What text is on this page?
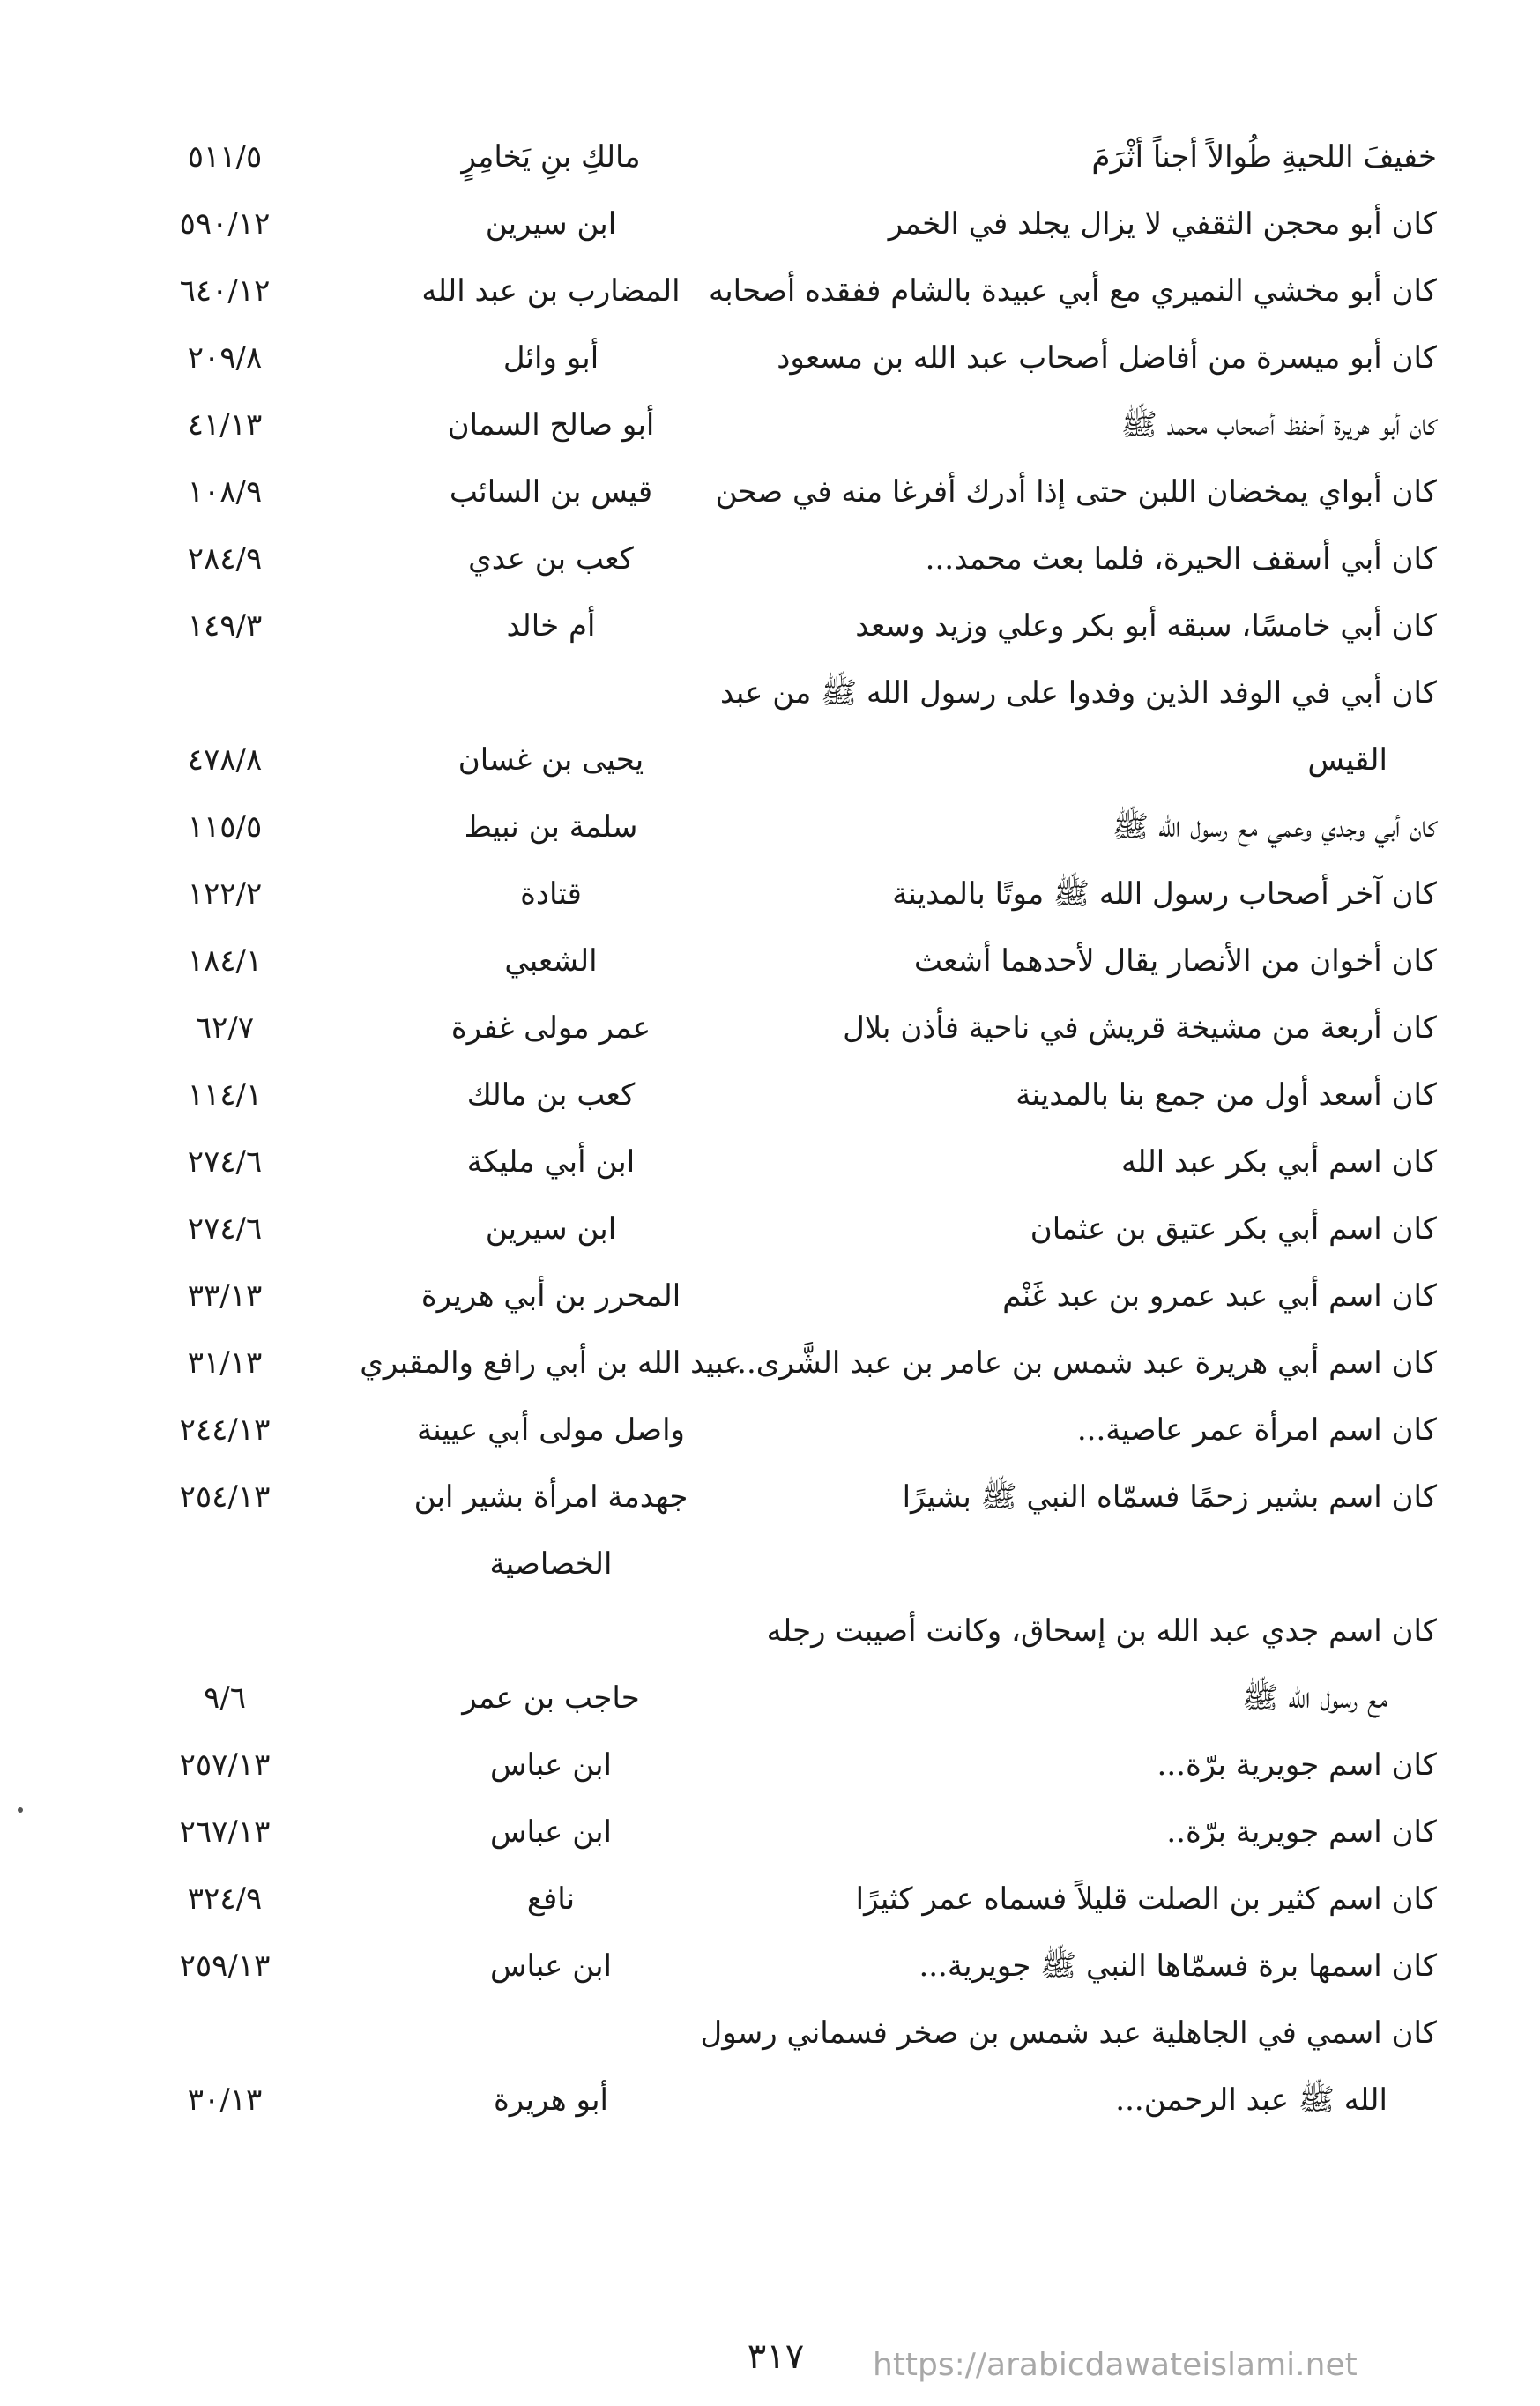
خفيفَ اللحيةِ طُوالاً أجناً أثْرَمَ
مالكِ بنِ يَخامِرٍ
٥١١/٥
كان أبو محجن الثقفي لا يزال يجلد في الخمر
ابن سيرين
٥٩٠/١٢
كان أبو مخشي النميري مع أبي عبيدة بالشام ففقده أصحابه
المضارب بن عبد الله
٦٤٠/١٢
كان أبو ميسرة من أفاضل أصحاب عبد الله بن مسعود
أبو وائل
٢٠٩/٨
كان أبو هريرة أحفظ أصحاب محمد ﷺ
أبو صالح السمان
٤١/١٣
كان أبواي يمخضان اللبن حتى إذا أدرك أفرغا منه في صحن
قيس بن السائب
١٠٨/٩
كان أبي أسقف الحيرة، فلما بعث محمد...
كعب بن عدي
٢٨٤/٩
كان أبي خامسًا، سبقه أبو بكر وعلي وزيد وسعد
أم خالد
١٤٩/٣
كان أبي في الوفد الذين وفدوا على رسول الله ﷺ من عبد
القيس
يحيى بن غسان
٤٧٨/٨
كان أبي وجدي وعمي مع رسول الله ﷺ
سلمة بن نبيط
١١٥/٥
كان آخر أصحاب رسول الله ﷺ موتًا بالمدينة
قتادة
١٢٢/٢
كان أخوان من الأنصار يقال لأحدهما أشعث
الشعبي
١٨٤/١
كان أربعة من مشيخة قريش في ناحية فأذن بلال
عمر مولى غفرة
٦٢/٧
كان أسعد أول من جمع بنا بالمدينة
كعب بن مالك
١١٤/١
كان اسم أبي بكر عبد الله
ابن أبي مليكة
٢٧٤/٦
كان اسم أبي بكر عتيق بن عثمان
ابن سيرين
٢٧٤/٦
كان اسم أبي عبد عمرو بن عبد غَنْم
المحرر بن أبي هريرة
٣٣/١٣
كان اسم أبي هريرة عبد شمس بن عامر بن عبد الشَّرى...
عبيد الله بن أبي رافع والمقبري
٣١/١٣
كان اسم امرأة عمر عاصية...
واصل مولى أبي عيينة
٢٤٤/١٣
كان اسم بشير زحمًا فسمّاه النبي ﷺ بشيرًا
جهدمة امرأة بشير ابن
الخصاصية
٢٥٤/١٣
كان اسم جدي عبد الله بن إسحاق، وكانت أصيبت رجله
مع رسول الله ﷺ
حاجب بن عمر
٩/٦
كان اسم جويرية برّة...
ابن عباس
٢٥٧/١٣
كان اسم جويرية برّة..
ابن عباس
٢٦٧/١٣
كان اسم كثير بن الصلت قليلاً فسماه عمر كثيرًا
نافع
٣٢٤/٩
كان اسمها برة فسمّاها النبي ﷺ جويرية...
ابن عباس
٢٥٩/١٣
كان اسمي في الجاهلية عبد شمس بن صخر فسماني رسول
الله ﷺ عبد الرحمن...
أبو هريرة
٣٠/١٣
٣١٧	https://arabicdawateislami.net
